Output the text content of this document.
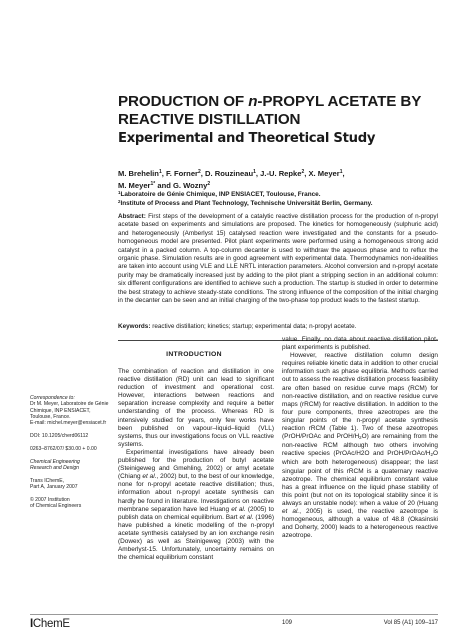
PRODUCTION OF n-PROPYL ACETATE BY
REACTIVE DISTILLATION
Experimental and Theoretical Study
M. Brehelin$^1$, F. Forner$^2$, D. Rouzineau$^1$, J.-U. Repke$^2$, X. Meyer$^1$,
M. Meyer$^{1*}$ and G. Wozny$^2$
$^1$Laboratoire de Génie Chimique, INP ENSIACET, Toulouse, France.
$^2$Institute of Process and Plant Technology, Technische Universität Berlin, Germany.
Abstract: First steps of the development of a catalytic reactive distillation process for the production of n-propyl acetate based on experiments and simulations are proposed. The kinetics for homogeneously (sulphuric acid) and heterogeneously (Amberlyst 15) catalysed reaction were investigated and the constants for a pseudo-homogeneous model are presented. Pilot plant experiments were performed using a homogeneous strong acid catalyst in a packed column. A top-column decanter is used to withdraw the aqueous phase and to reflux the organic phase. Simulation results are in good agreement with experimental data. Thermodynamics non-idealities are taken into account using VLE and LLE NRTL interaction parameters. Alcohol conversion and n-propyl acetate purity may be dramatically increased just by adding to the pilot plant a stripping section in an additional column: six different configurations are identified to achieve such a production. The startup is studied in order to determine the best strategy to achieve steady-state conditions. The strong influence of the composition of the initial charging in the decanter can be seen and an initial charging of the two-phase top product leads to the fastest startup.
Keywords: reactive distillation; kinetics; startup; experimental data; n-propyl acetate.
INTRODUCTION

The combination of reaction and distillation in one reactive distillation (RD) unit can lead to significant reduction of investment and operational cost. However, interactions between reactions and separation increase complexity and require a better understanding of the process. Whereas RD is intensively studied for years, only few works have been published on vapour–liquid–liquid (VLL) systems, thus our investigations focus on VLL reactive systems.

Experimental investigations have already been published for the production of butyl acetate (Steinigeweg and Gmehling, 2002) or amyl acetate (Chiang et al., 2002) but, to the best of our knowledge, none for n-propyl acetate reactive distillation; thus, information about n-propyl acetate synthesis can hardly be found in literature. Investigations on reactive membrane separation have led Huang et al. (2005) to publish data on chemical equilibrium. Bart et al. (1996) have published a kinetic modelling of the n-propyl acetate synthesis catalysed by an ion exchange resin (Dowex) as well as Steinigeweg (2003) with the Amberlyst-15. Unfortunately, uncertainty remains on the chemical equilibrium constant

value. Finally, no data about reactive distillation pilot-plant experiments is published.

However, reactive distillation column design requires reliable kinetic data in addition to other crucial information such as phase equilibria. Methods carried out to assess the reactive distillation process feasibility are often based on residue curve maps (RCM) for non-reactive distillation, and on reactive residue curve maps (rRCM) for reactive distillation. In addition to the four pure components, three azeotropes are the singular points of the n-propyl acetate synthesis reaction rRCM (Table 1). Two of these azeotropes (PrOH/PrOAc and PrOH/$H_2O$) are remaining from the non-reactive RCM although two others involving reactive species (PrOAc/H2O and PrOH/$PrOAc/H_2O$ which are both heterogeneous) disappear; the last singular point of this rRCM is a quaternary reactive azeotrope. The chemical equilibrium constant value has a great influence on the liquid phase stability of this point (but not on its topological stability since it is always an unstable node): when a value of 20 (Huang et al., 2005) is used, the reactive azeotrope is homogeneous, although a value of 48.8 (Okasinski and Doherty, 2000) leads to a heterogeneous reactive azeotrope.

Correspondence to:
Dr M. Meyer, Laboratoire de Génie Chimique, INP ENSIACET, Toulouse, France.
E-mail: michel.meyer@ensiacet.fr
DOI: 10.1205/cherd06112
0263–8762/07/ $30.00 + 0.00
Chemical Engineering
Research and Design
Trans IChemE,
Part A, January 2007
© 2007 Institution
of Chemical Engineers
IChemE	109	Vol 85 (A1) 109–117
